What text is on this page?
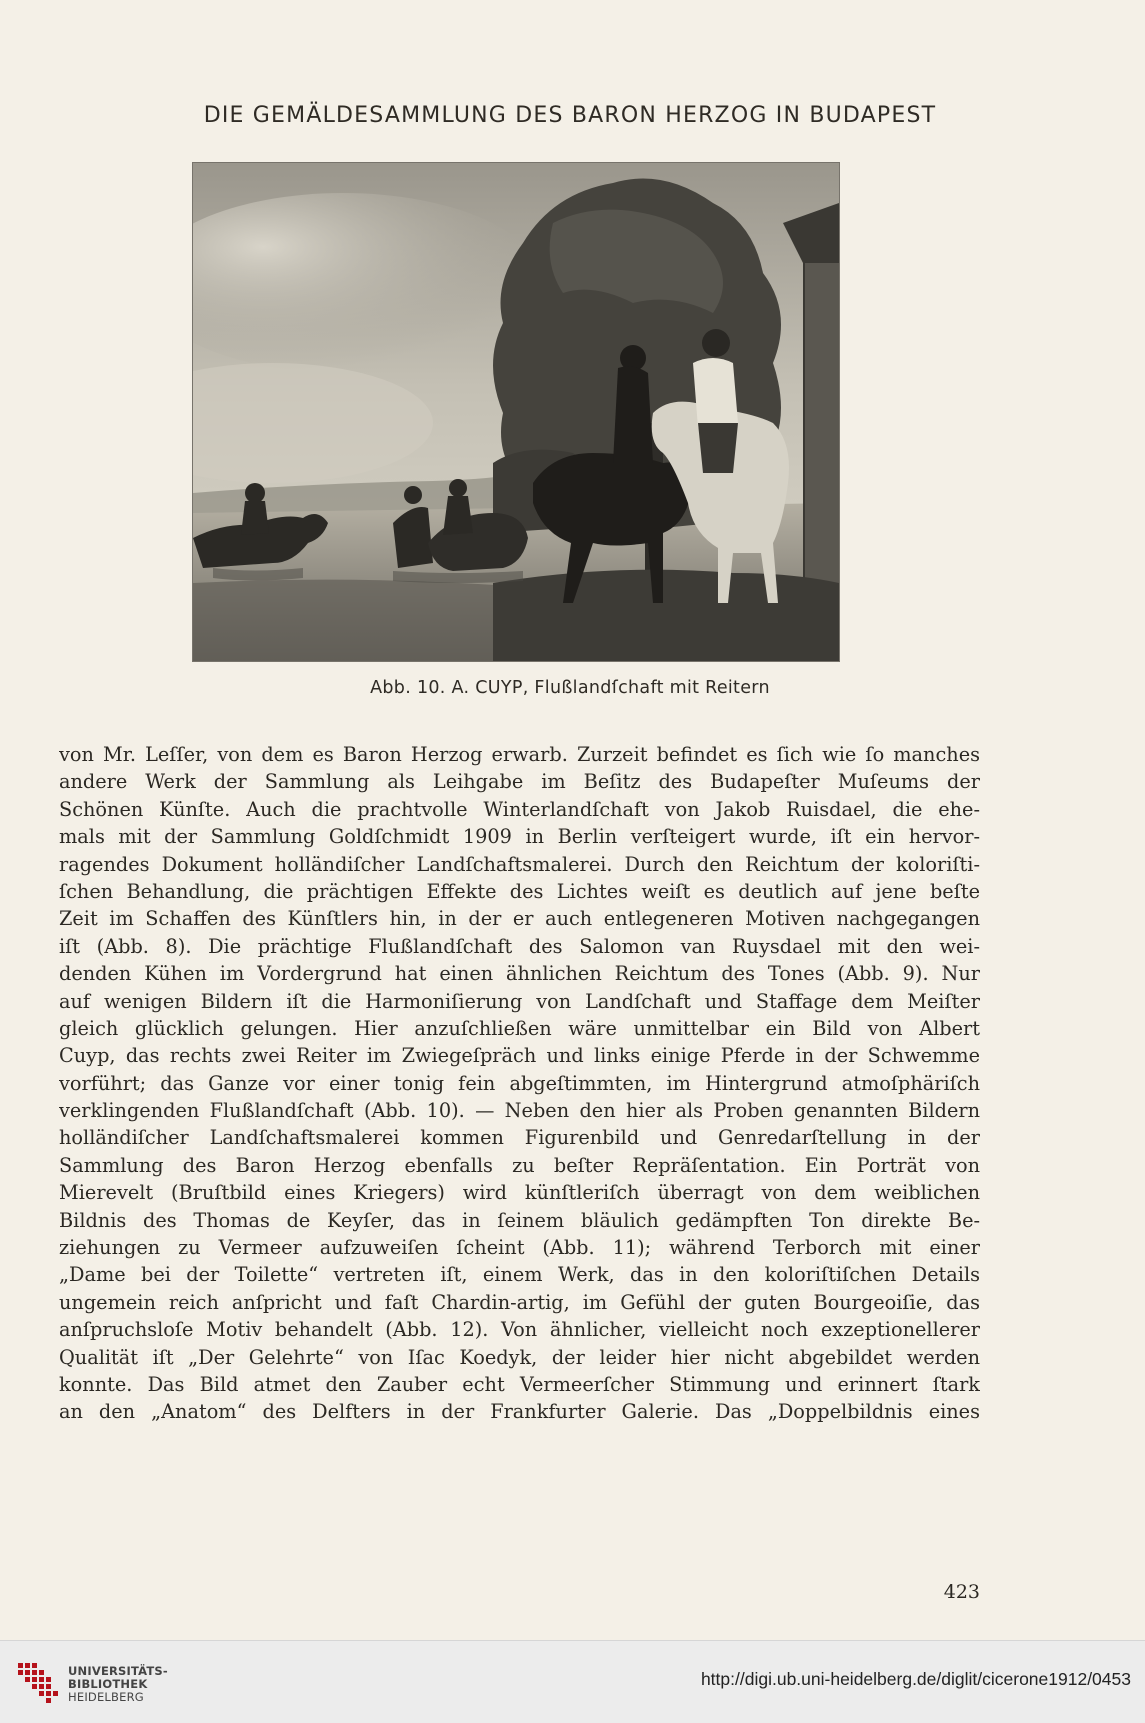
DIE GEMÄLDESAMMLUNG DES BARON HERZOG IN BUDAPEST
Abb. 10. A. CUYP, Flußlandſchaft mit Reitern
von Mr. Leſſer, von dem es Baron Herzog erwarb. Zurzeit befindet es ſich wie ſo manches
andere Werk der Sammlung als Leihgabe im Beſitz des Budapeſter Muſeums der
Schönen Künſte. Auch die prachtvolle Winterlandſchaft von Jakob Ruisdael, die ehe-
mals mit der Sammlung Goldſchmidt 1909 in Berlin verſteigert wurde, iſt ein hervor-
ragendes Dokument holländiſcher Landſchaftsmalerei. Durch den Reichtum der koloriſti-
ſchen Behandlung, die prächtigen Effekte des Lichtes weiſt es deutlich auf jene beſte
Zeit im Schaffen des Künſtlers hin, in der er auch entlegeneren Motiven nachgegangen
iſt (Abb. 8). Die prächtige Flußlandſchaft des Salomon van Ruysdael mit den wei-
denden Kühen im Vordergrund hat einen ähnlichen Reichtum des Tones (Abb. 9). Nur
auf wenigen Bildern iſt die Harmoniſierung von Landſchaft und Staffage dem Meiſter
gleich glücklich gelungen. Hier anzuſchließen wäre unmittelbar ein Bild von Albert
Cuyp, das rechts zwei Reiter im Zwiegeſpräch und links einige Pferde in der Schwemme
vorführt; das Ganze vor einer tonig fein abgeſtimmten, im Hintergrund atmoſphäriſch
verklingenden Flußlandſchaft (Abb. 10). — Neben den hier als Proben genannten Bildern
holländiſcher Landſchaftsmalerei kommen Figurenbild und Genredarſtellung in der
Sammlung des Baron Herzog ebenfalls zu beſter Repräſentation. Ein Porträt von
Mierevelt (Bruſtbild eines Kriegers) wird künſtleriſch überragt von dem weiblichen
Bildnis des Thomas de Keyſer, das in ſeinem bläulich gedämpften Ton direkte Be-
ziehungen zu Vermeer aufzuweiſen ſcheint (Abb. 11); während Terborch mit einer
„Dame bei der Toilette“ vertreten iſt, einem Werk, das in den koloriſtiſchen Details
ungemein reich anſpricht und faſt Chardin-artig, im Gefühl der guten Bourgeoiſie, das
anſpruchsloſe Motiv behandelt (Abb. 12). Von ähnlicher, vielleicht noch exzeptionellerer
Qualität iſt „Der Gelehrte“ von Iſac Koedyk, der leider hier nicht abgebildet werden
konnte. Das Bild atmet den Zauber echt Vermeerſcher Stimmung und erinnert ſtark
an den „Anatom“ des Delfters in der Frankfurter Galerie. Das „Doppelbildnis eines
423
UNIVERSITÄTS-
BIBLIOTHEK
HEIDELBERG
http://digi.ub.uni-heidelberg.de/diglit/cicerone1912/0453
